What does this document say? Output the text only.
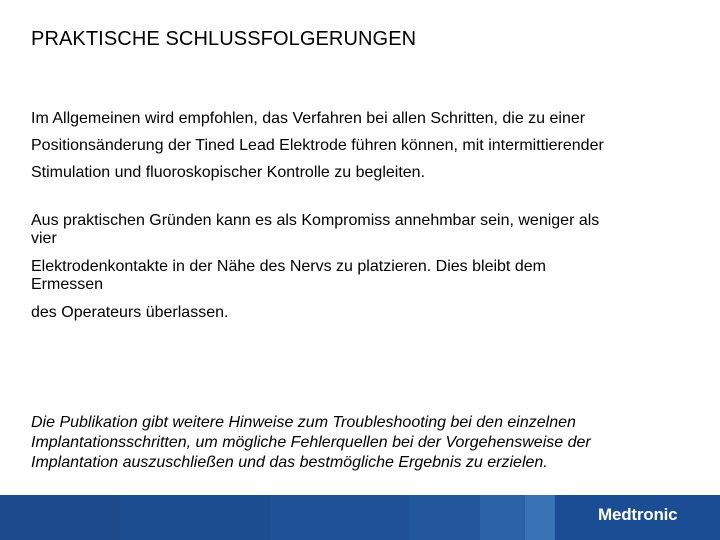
PRAKTISCHE SCHLUSSFOLGERUNGEN
Im Allgemeinen wird empfohlen, das Verfahren bei allen Schritten, die zu einer
Positionsänderung der Tined Lead Elektrode führen können, mit intermittierender
Stimulation und fluoroskopischer Kontrolle zu begleiten.
Aus praktischen Gründen kann es als Kompromiss annehmbar sein, weniger als
vier
Elektrodenkontakte in der Nähe des Nervs zu platzieren. Dies bleibt dem
Ermessen
des Operateurs überlassen.
Die Publikation gibt weitere Hinweise zum Troubleshooting bei den einzelnen
Implantationsschritten, um mögliche Fehlerquellen bei der Vorgehensweise der
Implantation auszuschließen und das bestmögliche Ergebnis zu erzielen.
Medtronic
